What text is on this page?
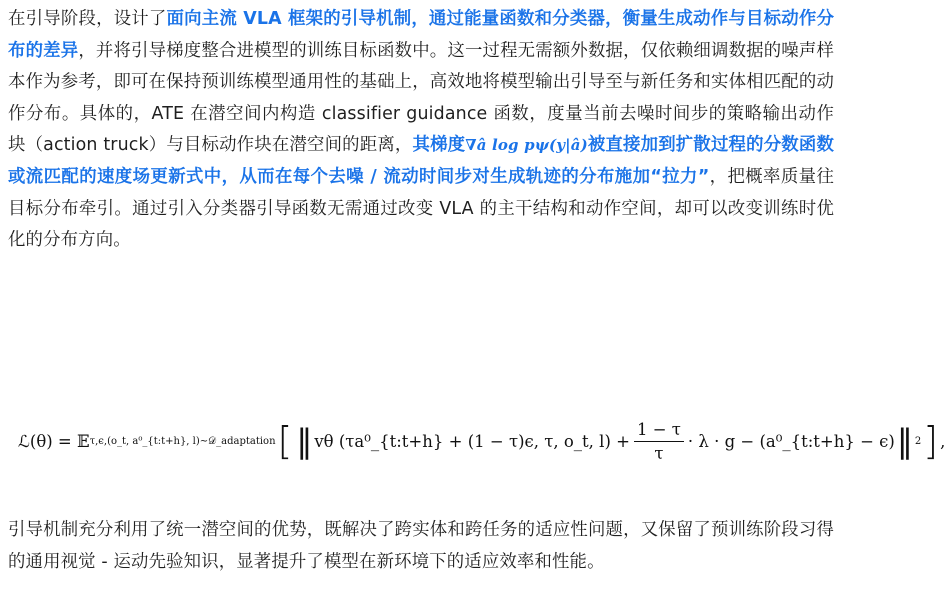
在引导阶段，设计了面向主流 VLA 框架的引导机制，通过能量函数和分类器，衡量生成动作与目标动作分布的差异，并将引导梯度整合进模型的训练目标函数中。这一过程无需额外数据，仅依赖细调数据的噪声样本作为参考，即可在保持预训练模型通用性的基础上，高效地将模型输出引导至与新任务和实体相匹配的动作分布。具体的，ATE 在潜空间内构造 classifier guidance 函数，度量当前去噪时间步的策略输出动作块（action truck）与目标动作块在潜空间的距离，其梯度∇â log pψ(y|â)被直接加到扩散过程的分数函数或流匹配的速度场更新式中，从而在每个去噪 / 流动时间步对生成轨迹的分布施加“拉力”，把概率质量往目标分布牵引。通过引入分类器引导函数无需通过改变 VLA 的主干结构和动作空间，却可以改变训练时优化的分布方向。

ℒ(θ) = 𝔼 τ,ϵ,(o_t, a⁰_{t:t+h}, l)∼𝒟_adaptation [ ‖ vθ (τa⁰_{t:t+h} + (1 − τ)ϵ, τ, o_t, $l) + \frac{1 - \tau}{\tau} \cdot \lambda \cdot g$ − (a⁰_{t:t+h} − ϵ) ‖ 2 ] ,

引导机制充分利用了统一潜空间的优势，既解决了跨实体和跨任务的适应性问题，又保留了预训练阶段习得的通用视觉 - 运动先验知识，显著提升了模型在新环境下的适应效率和性能。
